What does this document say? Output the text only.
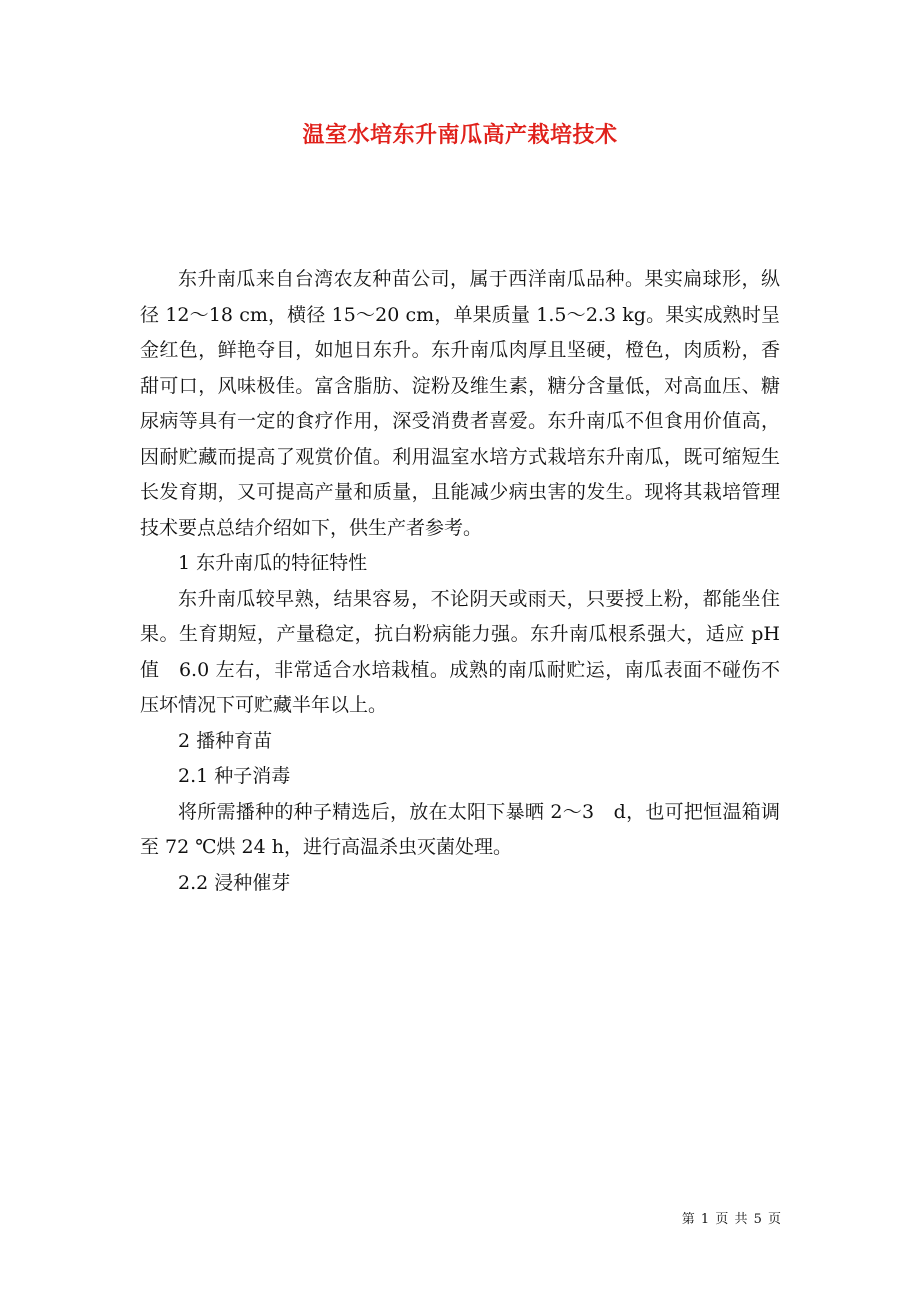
温室水培东升南瓜高产栽培技术

东升南瓜来自台湾农友种苗公司，属于西洋南瓜品种。果实扁球形，纵径 12～18 cm，横径 15～20 cm，单果质量 1.5～2.3 kg。果实成熟时呈金红色，鲜艳夺目，如旭日东升。东升南瓜肉厚且坚硬，橙色，肉质粉，香甜可口，风味极佳。富含脂肪、淀粉及维生素，糖分含量低，对高血压、糖尿病等具有一定的食疗作用，深受消费者喜爱。东升南瓜不但食用价值高，因耐贮藏而提高了观赏价值。利用温室水培方式栽培东升南瓜，既可缩短生长发育期，又可提高产量和质量，且能减少病虫害的发生。现将其栽培管理技术要点总结介绍如下，供生产者参考。

1 东升南瓜的特征特性

东升南瓜较早熟，结果容易，不论阴天或雨天，只要授上粉，都能坐住果。生育期短，产量稳定，抗白粉病能力强。东升南瓜根系强大，适应 pH 值　6.0 左右，非常适合水培栽植。成熟的南瓜耐贮运，南瓜表面不碰伤不压坏情况下可贮藏半年以上。

2 播种育苗

2.1 种子消毒

将所需播种的种子精选后，放在太阳下暴晒 2～3　d，也可把恒温箱调至 72 ℃烘 24 h，进行高温杀虫灭菌处理。

2.2 浸种催芽

第 1 页 共 5 页
